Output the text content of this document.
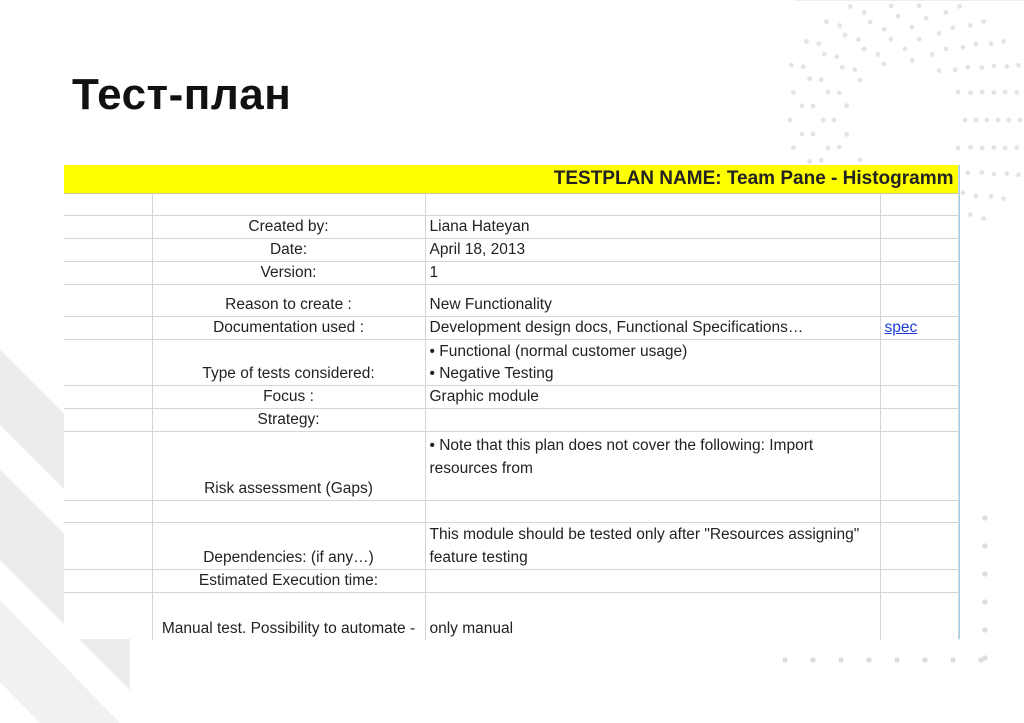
Тест-план
TESTPLAN NAME: Team Pane - Histogramm			

	Created by:	Liana Hateyan	
	Date:	April 18, 2013	
	Version:	1	
	Reason to create :	New Functionality	
	Documentation used :	Development design docs, Functional Specifications…	spec
	Type of tests considered:	• Functional (normal customer usage)
• Negative Testing	

	Focus :	Graphic module	
	Strategy:		
	Risk assessment (Gaps)	• Note that this plan does not cover the following: Import resources from	

	Dependencies: (if any…)	This module should be tested only after "Resources assigning" feature testing	
	Estimated Execution time:		
	Manual test. Possibility to automate -	only manual	
